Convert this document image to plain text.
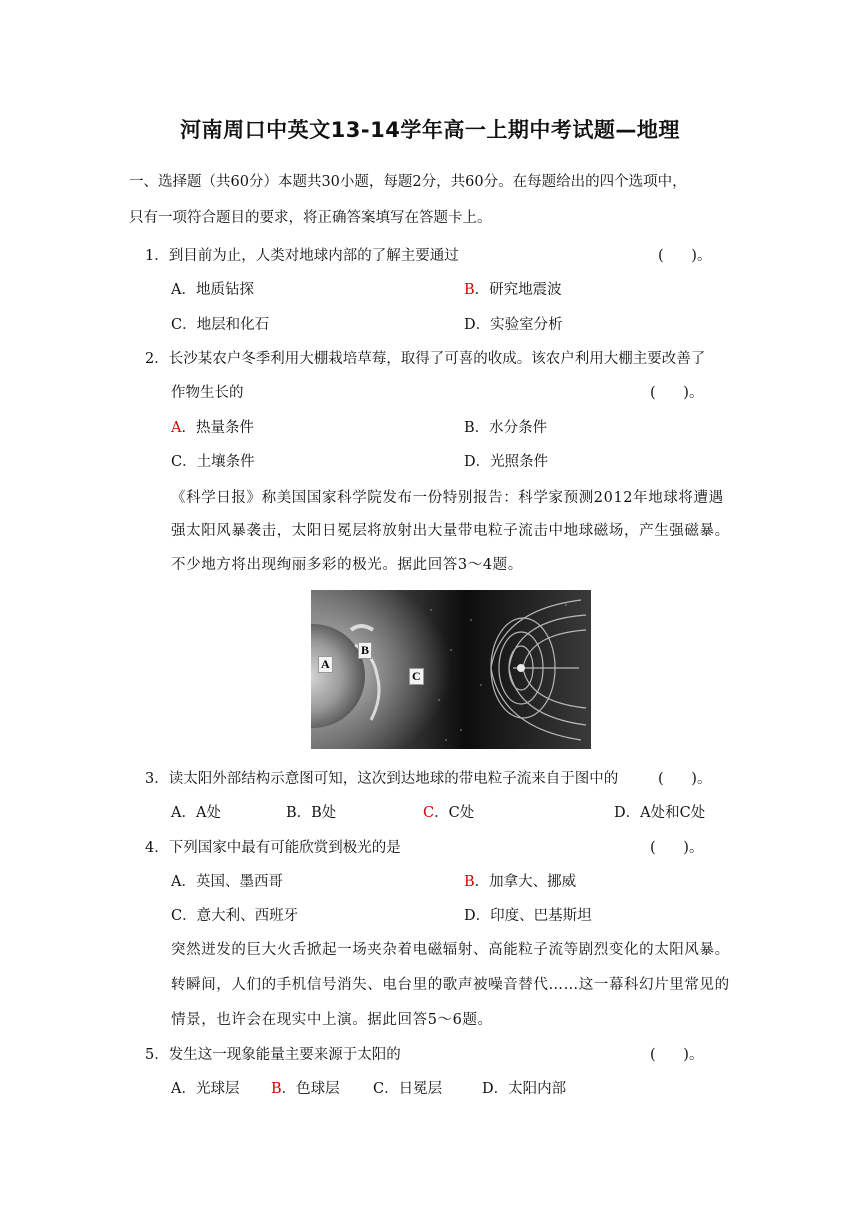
河南周口中英文13-14学年高一上期中考试题—地理
一、选择题（共60分）本题共30小题，每题2分，共60分。在每题给出的四个选项中，
只有一项符合题目的要求，将正确答案填写在答题卡上。
1．到目前为止，人类对地球内部的了解主要通过	(      )。
A．地质钻探	B．研究地震波
C．地层和化石	D．实验室分析
2．长沙某农户冬季利用大棚栽培草莓，取得了可喜的收成。该农户利用大棚主要改善了
作物生长的	(      )。
A．热量条件	B．水分条件
C．土壤条件	D．光照条件
《科学日报》称美国国家科学院发布一份特别报告：科学家预测2012年地球将遭遇
强太阳风暴袭击，太阳日冕层将放射出大量带电粒子流击中地球磁场，产生强磁暴。
不少地方将出现绚丽多彩的极光。据此回答3～4题。
A
B
C
3．读太阳外部结构示意图可知，这次到达地球的带电粒子流来自于图中的	(      )。
A．A处	B．B处	C．C处	D．A处和C处
4．下列国家中最有可能欣赏到极光的是	(      )。
A．英国、墨西哥	B．加拿大、挪威
C．意大利、西班牙	D．印度、巴基斯坦
突然迸发的巨大火舌掀起一场夹杂着电磁辐射、高能粒子流等剧烈变化的太阳风暴。
转瞬间，人们的手机信号消失、电台里的歌声被噪音替代……这一幕科幻片里常见的
情景，也许会在现实中上演。据此回答5～6题。
5．发生这一现象能量主要来源于太阳的	(      )。
A．光球层 B．色球层 C．日冕层	D．太阳内部
